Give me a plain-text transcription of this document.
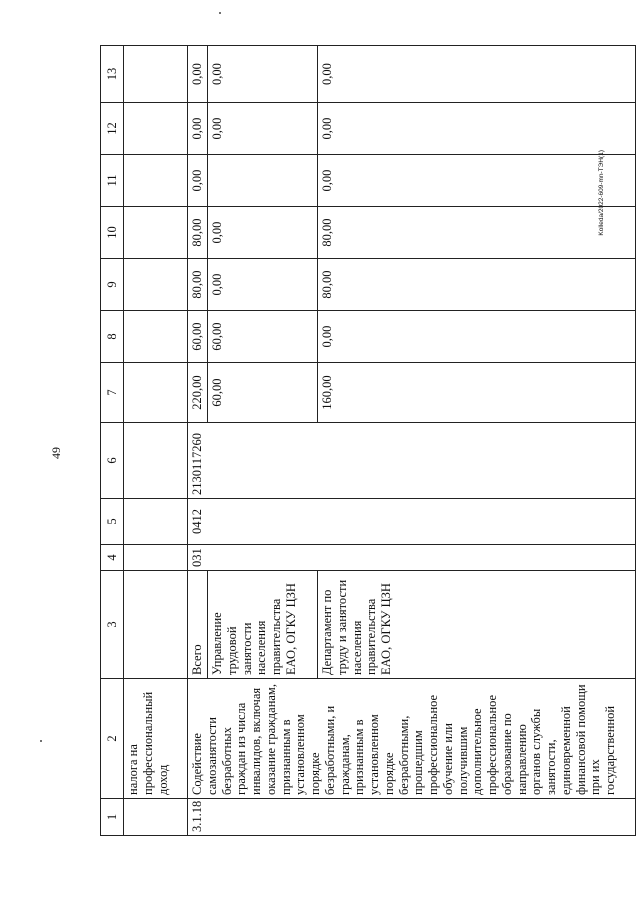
49
Kolleda/2022-609-mn-TЭH(1)
1	2	3	4	5	6	7	8	9	10	11	12	13
	налога на профессиональный доход											
3.1.18	Содействие самозанятости безработных граждан из числа инвалидов, включая оказание гражданам, признанным в установленном порядке безработными, и гражданам, признанным в установленном порядке безработными, прошедшим профессиональное обучение или получившим дополнительное профессиональное образование по направлению органов службы занятости, единовременной финансовой помощи при их государственной	Всего	031	0412	2130117260	220,00	60,00	80,00	80,00	0,00	0,00	0,00
		Управление трудовой занятости населения правительства ЕАО, ОГКУ ЦЗН				60,00	60,00	0,00	0,00		0,00	0,00
		Департамент по труду и занятости населения правительства ЕАО, ОГКУ ЦЗН				160,00	0,00	80,00	80,00	0,00	0,00	0,00
